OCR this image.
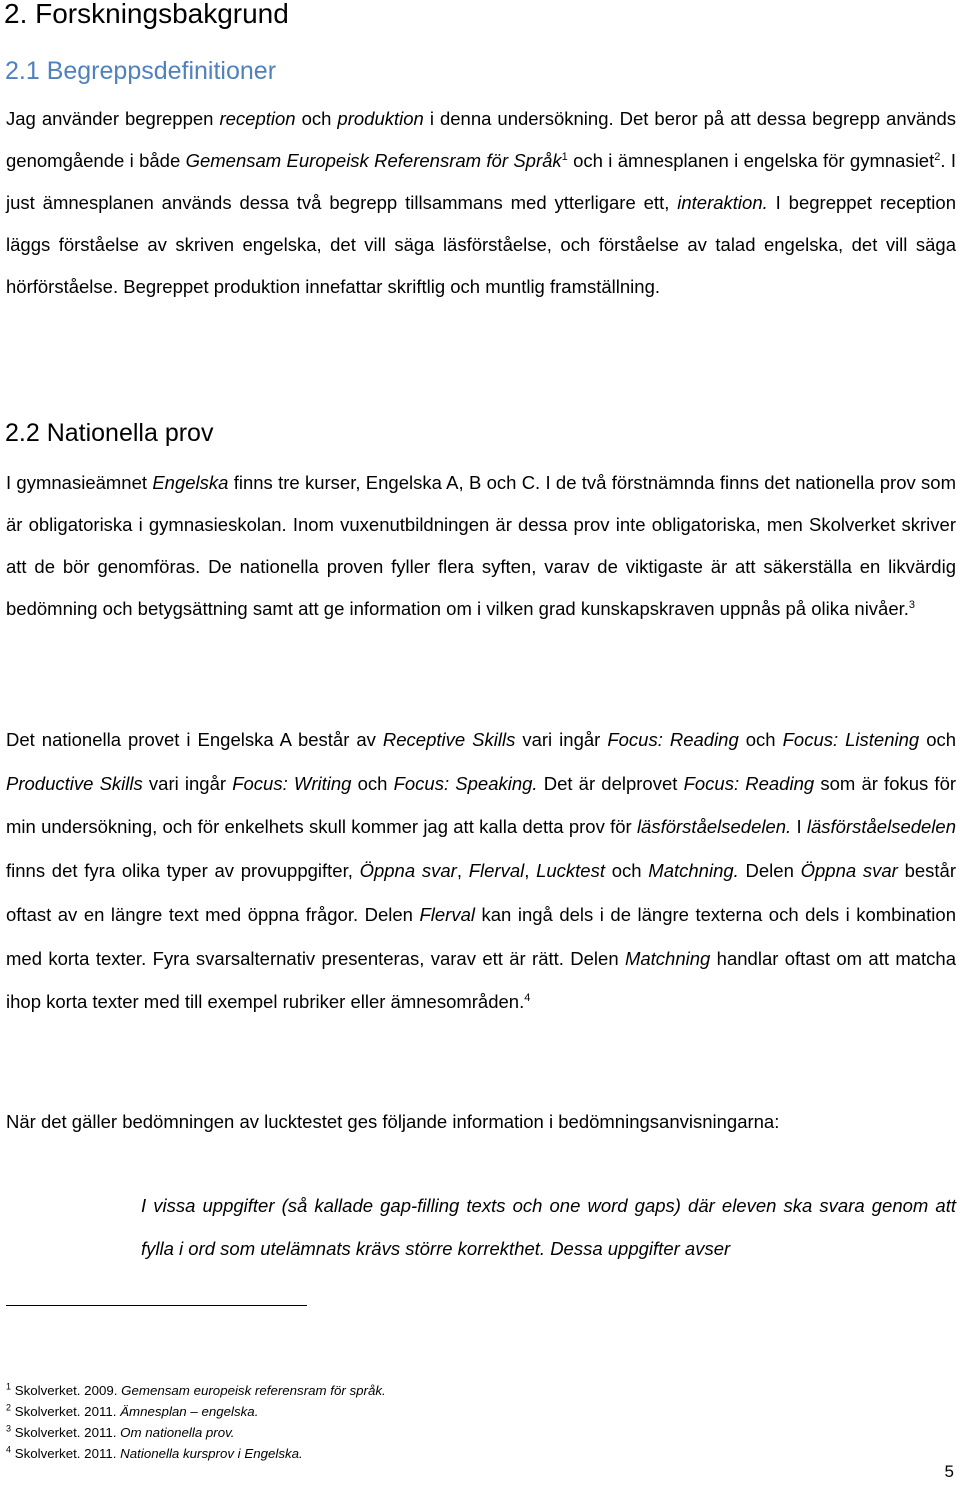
2. Forskningsbakgrund
2.1 Begreppsdefinitioner

Jag använder begreppen reception och produktion i denna undersökning. Det beror på att dessa begrepp används genomgående i både Gemensam Europeisk Referensram för Språk$^1$ och i ämnesplanen i engelska för gymnasiet$^2$. I just ämnesplanen används dessa två begrepp tillsammans med ytterligare ett, interaktion. I begreppet reception läggs förståelse av skriven engelska, det vill säga läsförståelse, och förståelse av talad engelska, det vill säga hörförståelse. Begreppet produktion innefattar skriftlig och muntlig framställning.

2.2 Nationella prov

I gymnasieämnet Engelska finns tre kurser, Engelska A, B och C. I de två förstnämnda finns det nationella prov som är obligatoriska i gymnasieskolan. Inom vuxenutbildningen är dessa prov inte obligatoriska, men Skolverket skriver att de bör genomföras. De nationella proven fyller flera syften, varav de viktigaste är att säkerställa en likvärdig bedömning och betygsättning samt att ge information om i vilken grad kunskapskraven uppnås på olika nivåer.$^3$

Det nationella provet i Engelska A består av Receptive Skills vari ingår Focus: Reading och Focus: Listening och Productive Skills vari ingår Focus: Writing och Focus: Speaking. Det är delprovet Focus: Reading som är fokus för min undersökning, och för enkelhets skull kommer jag att kalla detta prov för läsförståelsedelen. I läsförståelsedelen finns det fyra olika typer av provuppgifter, Öppna svar, Flerval, Lucktest och Matchning. Delen Öppna svar består oftast av en längre text med öppna frågor. Delen Flerval kan ingå dels i de längre texterna och dels i kombination med korta texter. Fyra svarsalternativ presenteras, varav ett är rätt. Delen Matchning handlar oftast om att matcha ihop korta texter med till exempel rubriker eller ämnesområden.$^4$

När det gäller bedömningen av lucktestet ges följande information i bedömningsanvisningarna:

I vissa uppgifter (så kallade gap-filling texts och one word gaps) där eleven ska svara genom att fylla i ord som utelämnats krävs större korrekthet. Dessa uppgifter avser

$^1$ Skolverket. 2009. Gemensam europeisk referensram för språk.

$^2$ Skolverket. 2011. Ämnesplan – engelska.

$^3$ Skolverket. 2011. Om nationella prov.

$^4$ Skolverket. 2011. Nationella kursprov i Engelska.

5
